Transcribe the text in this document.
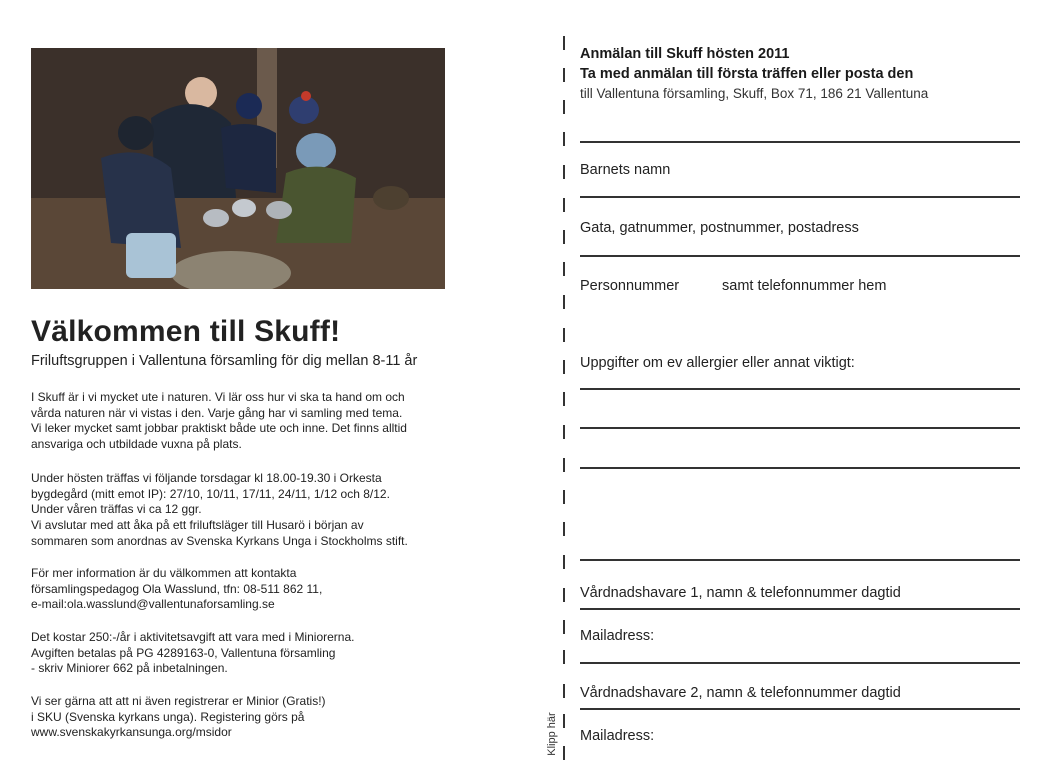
Välkommen till Skuff!
Friluftsgruppen i Vallentuna församling för dig mellan 8-11 år
I Skuff är i vi mycket ute i naturen. Vi lär oss hur vi ska ta hand om och
vårda naturen när vi vistas i den. Varje gång har vi samling med tema.
Vi leker mycket samt jobbar praktiskt både ute och inne. Det finns alltid
ansvariga och utbildade vuxna på plats.
Under hösten träffas vi följande torsdagar kl 18.00-19.30 i Orkesta
bygdegård (mitt emot IP): 27/10, 10/11, 17/11, 24/11, 1/12 och 8/12.
Under våren träffas vi ca 12 ggr.
Vi avslutar med att åka på ett friluftsläger till Husarö i början av
sommaren som anordnas av Svenska Kyrkans Unga i Stockholms stift.
För mer information är du välkommen att kontakta
församlingspedagog Ola Wasslund, tfn: 08-511 862 11,
e-mail:ola.wasslund@vallentunaforsamling.se
Det kostar 250:-/år i aktivitetsavgift att vara med i Miniorerna.
Avgiften betalas på PG 4289163-0, Vallentuna församling
- skriv Miniorer 662 på inbetalningen.
Vi ser gärna att att ni även registrerar er Minior (Gratis!)
i SKU (Svenska kyrkans unga). Registering görs på
www.svenskakyrkansunga.org/msidor	Klipp här
Anmälan till Skuff hösten 2011
Ta med anmälan till första träffen eller posta den
till Vallentuna församling, Skuff, Box 71, 186 21 Vallentuna
Barnets namn
Gata, gatnummer, postnummer, postadress
Personnummer	samt telefonnummer hem
Uppgifter om ev allergier eller annat viktigt:
Vårdnadshavare 1, namn & telefonnummer dagtid
Mailadress:
Vårdnadshavare 2, namn & telefonnummer dagtid
Mailadress:
